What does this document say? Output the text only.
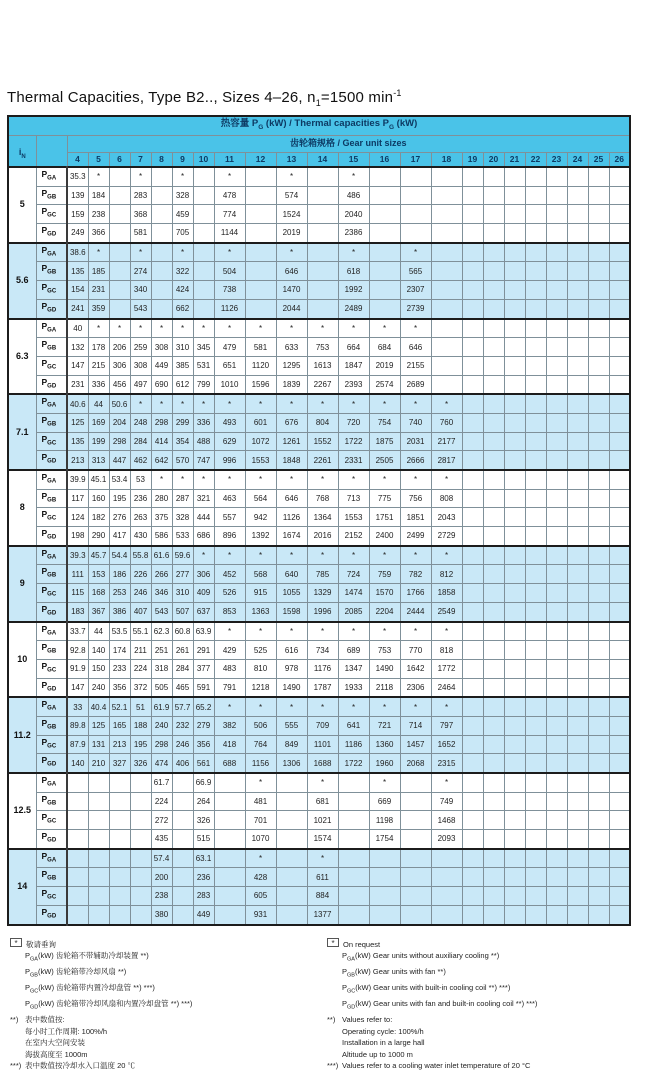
Thermal Capacities, Type B2.., Sizes 4–26, $n_1=1500$ $\min^{-1}$
热容量 $P_G$ (kW) / Thermal capacities $P_G$ (kW)																								
$i_N$		齿轮箱规格 / Gear unit sizes																						
		4	5	6	7	8	9	10	11	12	13	14	15	16	17	18	19	20	21	22	23	24	25	26
5	$P_{GA}$	35.3	*		*		*		*		*		*											
	$P_{GB}$	139	184		283		328		478		574		486											
	$P_{GC}$	159	238		368		459		774		1524		2040											
	$P_{GD}$	249	366		581		705		1144		2019		2386											
5.6	$P_{GA}$	38.6	*		*		*		*		*		*		*									
	$P_{GB}$	135	185		274		322		504		646		618		565									
	$P_{GC}$	154	231		340		424		738		1470		1992		2307									
	$P_{GD}$	241	359		543		662		1126		2044		2489		2739									
6.3	$P_{GA}$	40	*	*	*	*	*	*	*	*	*	*	*	*	*									
	$P_{GB}$	132	178	206	259	308	310	345	479	581	633	753	664	684	646									
	$P_{GC}$	147	215	306	308	449	385	531	651	1120	1295	1613	1847	2019	2155									
	$P_{GD}$	231	336	456	497	690	612	799	1010	1596	1839	2267	2393	2574	2689									
7.1	$P_{GA}$	40.6	44	50.6	*	*	*	*	*	*	*	*	*	*	*	*								
	$P_{GB}$	125	169	204	248	298	299	336	493	601	676	804	720	754	740	760								
	$P_{GC}$	135	199	298	284	414	354	488	629	1072	1261	1552	1722	1875	2031	2177								
	$P_{GD}$	213	313	447	462	642	570	747	996	1553	1848	2261	2331	2505	2666	2817								
8	$P_{GA}$	39.9	45.1	53.4	53	*	*	*	*	*	*	*	*	*	*	*								
	$P_{GB}$	117	160	195	236	280	287	321	463	564	646	768	713	775	756	808								
	$P_{GC}$	124	182	276	263	375	328	444	557	942	1126	1364	1553	1751	1851	2043								
	$P_{GD}$	198	290	417	430	586	533	686	896	1392	1674	2016	2152	2400	2499	2729								
9	$P_{GA}$	39.3	45.7	54.4	55.8	61.6	59.6	*	*	*	*	*	*	*	*	*								
	$P_{GB}$	111	153	186	226	266	277	306	452	568	640	785	724	759	782	812								
	$P_{GC}$	115	168	253	246	346	310	409	526	915	1055	1329	1474	1570	1766	1858								
	$P_{GD}$	183	367	386	407	543	507	637	853	1363	1598	1996	2085	2204	2444	2549								
10	$P_{GA}$	33.7	44	53.5	55.1	62.3	60.8	63.9	*	*	*	*	*	*	*	*								
	$P_{GB}$	92.8	140	174	211	251	261	291	429	525	616	734	689	753	770	818								
	$P_{GC}$	91.9	150	233	224	318	284	377	483	810	978	1176	1347	1490	1642	1772								
	$P_{GD}$	147	240	356	372	505	465	591	791	1218	1490	1787	1933	2118	2306	2464								
11.2	$P_{GA}$	33	40.4	52.1	51	61.9	57.7	65.2	*	*	*	*	*	*	*	*								
	$P_{GB}$	89.8	125	165	188	240	232	279	382	506	555	709	641	721	714	797								
	$P_{GC}$	87.9	131	213	195	298	246	356	418	764	849	1101	1186	1360	1457	1652								
	$P_{GD}$	140	210	327	326	474	406	561	688	1156	1306	1688	1722	1960	2068	2315								
12.5	$P_{GA}$					61.7		66.9		*		*		*		*								
	$P_{GB}$					224		264		481		681		669		749								
	$P_{GC}$					272		326		701		1021		1198		1468								
	$P_{GD}$					435		515		1070		1574		1754		2093								
14	$P_{GA}$					57.4		63.1		*		*												
	$P_{GB}$					200		236		428		611												
	$P_{GC}$					238		283		605		884												
	$P_{GD}$					380		449		931		1377												
* 敬请垂询
$P_{GA}(kW)$ 齿轮箱不带辅助冷却装置 **)
$P_{GB}(kW)$ 齿轮箱带冷却风扇 **)
$P_{GC}(kW)$ 齿轮箱带内置冷却盘管 **) ***)
$P_{GD}(kW)$ 齿轮箱带冷却风扇和内置冷却盘管 **) ***)
**) 表中数值按:
每小时工作周期: 100%/h
在室内大空间安装
海拔高度至 1000m
***) 表中数值按冷却水入口温度 20 ℃
* On request
$P_{GA}(kW)$ Gear units without auxiliary cooling **)
$P_{GB}(kW)$ Gear units with fan **)
$P_{GC}(kW)$ Gear units with built-in cooling coil **) ***)
$P_{GD}(kW)$ Gear units with fan and built-in cooling coil **) ***)
**) Values refer to:
Operating cycle: 100%/h
Installation in a large hall
Altitude up to 1000 m
***) Values refer to a cooling water inlet temperature of 20 °C
